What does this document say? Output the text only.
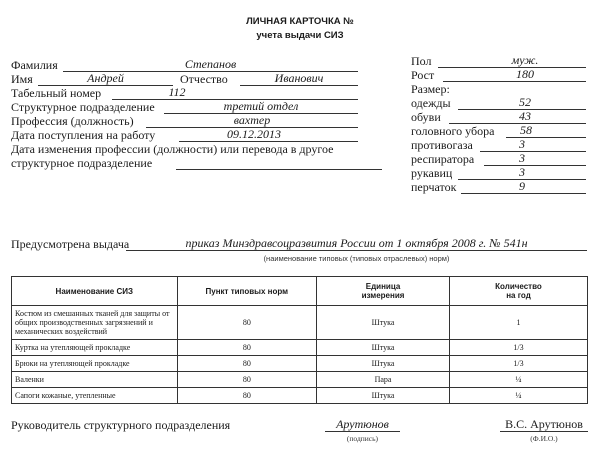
ЛИЧНАЯ КАРТОЧКА №
учета выдачи СИЗ
Фамилия	Степанов
Имя	Андрей	Отчество	Иванович
Табельный номер	112
Структурное подразделение	третий отдел
Профессия (должность)	вахтер
Дата поступления на работу	09.12.2013
Дата изменения профессии (должности) или перевода в другое
структурное подразделение
Пол	муж.
Рост	180
Размер:
одежды	52
обуви	43
головного убора	58
противогаза	3
респиратора	3
рукавиц	3
перчаток	9
Предусмотрена выдача	приказ Минздравсоцразвития России от 1 октября 2008 г. № 541н
(наименование типовых (типовых отраслевых) норм)
Наименование СИЗ	Пункт типовых норм	Единица измерения	Количество на год
Костюм из смешанных тканей для защиты от общих производственных загрязнений и механических воздействий	80	Штука	1
Куртка на утепляющей прокладке	80	Штука	1/3
Брюки на утепляющей прокладке	80	Штука	1/3
Валенки	80	Пара	¼
Сапоги кожаные, утепленные	80	Штука	¼
Руководитель структурного подразделения	Арутюнов
(подпись)
В.С. Арутюнов
(Ф.И.О.)
